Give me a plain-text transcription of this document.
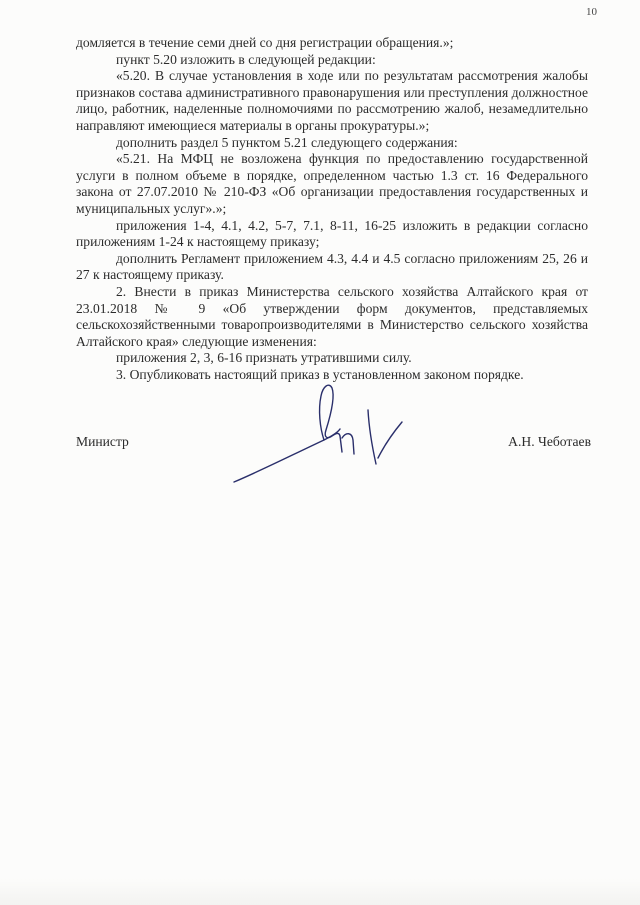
10

домляется в течение семи дней со дня регистрации обращения.»;

пункт 5.20 изложить в следующей редакции:

«5.20. В случае установления в ходе или по результатам рассмотрения жалобы признаков состава административного правонарушения или преступления должностное лицо, работник, наделенные полномочиями по рассмотрению жалоб, незамедлительно направляют имеющиеся материалы в органы прокуратуры.»;

дополнить раздел 5 пунктом 5.21 следующего содержания:

«5.21. На МФЦ не возложена функция по предоставлению государственной услуги в полном объеме в порядке, определенном частью 1.3 ст. 16 Федерального закона от 27.07.2010 № 210-ФЗ «Об организации предоставления государственных и муниципальных услуг».»;

приложения 1-4, 4.1, 4.2, 5-7, 7.1, 8-11, 16-25 изложить в редакции согласно приложениям 1-24 к настоящему приказу;

дополнить Регламент приложением 4.3, 4.4 и 4.5 согласно приложениям 25, 26 и 27 к настоящему приказу.

2. Внести в приказ Министерства сельского хозяйства Алтайского края от 23.01.2018 № 9 «Об утверждении форм документов, представляемых сельскохозяйственными товаропроизводителями в Министерство сельского хозяйства Алтайского края» следующие изменения:

приложения 2, 3, 6-16 признать утратившими силу.

3. Опубликовать настоящий приказ в установленном законом порядке.

Министр	А.Н. Чеботаев
